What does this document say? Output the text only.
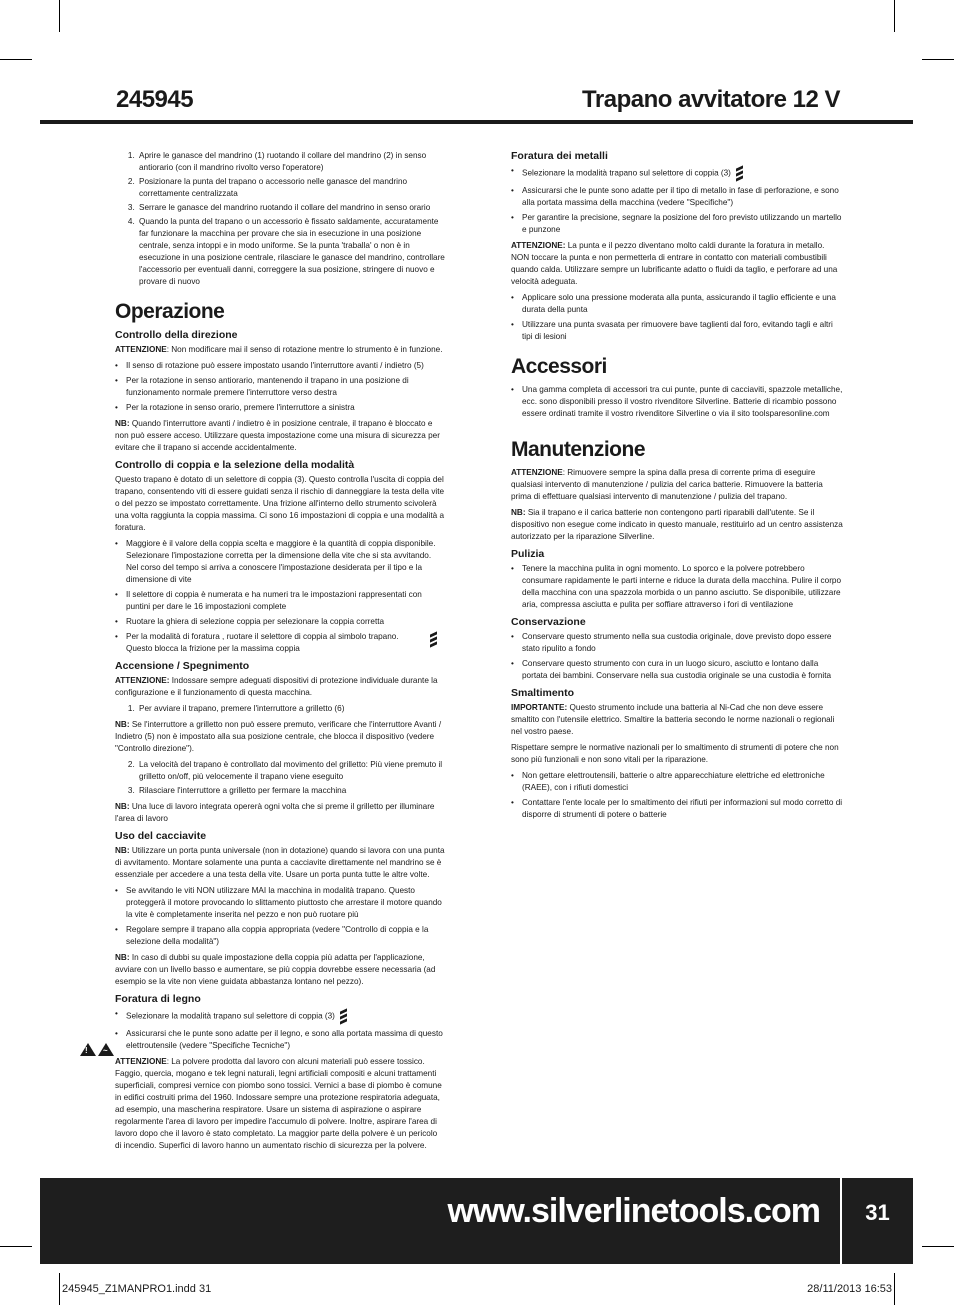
245945	Trapano avvitatore 12 V
1. Aprire le ganasce del mandrino (1) ruotando il collare del mandrino (2) in senso antiorario (con il mandrino rivolto verso l'operatore)
2. Posizionare la punta del trapano o accessorio nelle ganasce del mandrino correttamente centralizzata
3. Serrare le ganasce del mandrino ruotando il collare del mandrino in senso orario
4. Quando la punta del trapano o un accessorio è fissato saldamente, accuratamente far funzionare la macchina per provare che sia in esecuzione in una posizione centrale, senza intoppi e in modo uniforme. Se la punta 'traballa' o non è in esecuzione in una posizione centrale, rilasciare le ganasce del mandrino, controllare l'accessorio per eventuali danni, correggere la sua posizione, stringere di nuovo e provare di nuovo
Operazione
Controllo della direzione

ATTENZIONE: Non modificare mai il senso di rotazione mentre lo strumento è in funzione.

• Il senso di rotazione può essere impostato usando l'interruttore avanti / indietro (5)
• Per la rotazione in senso antiorario, mantenendo il trapano in una posizione di funzionamento normale premere l'interruttore verso destra
• Per la rotazione in senso orario, premere l'interruttore a sinistra

NB: Quando l'interruttore avanti / indietro è in posizione centrale, il trapano è bloccato e non può essere acceso. Utilizzare questa impostazione come una misura di sicurezza per evitare che il trapano si accende accidentalmente.

Controllo di coppia e la selezione della modalità

Questo trapano è dotato di un selettore di coppia (3). Questo controlla l'uscita di coppia del trapano, consentendo viti di essere guidati senza il rischio di danneggiare la testa della vite o del pezzo se impostato correttamente. Una frizione all'interno dello strumento scivolerà una volta raggiunta la coppia massima. Ci sono 16 impostazioni di coppia e una modalità a foratura.

• Maggiore è il valore della coppia scelta e maggiore è la quantità di coppia disponibile. Selezionare l'impostazione corretta per la dimensione della vite che si sta avvitando. Nel corso del tempo si arriva a conoscere l'impostazione desiderata per il tipo e la dimensione di vite
• Il selettore di coppia è numerata e ha numeri tra le impostazioni rappresentati con puntini per dare le 16 impostazioni complete
• Ruotare la ghiera di selezione coppia per selezionare la coppia corretta
• Per la modalità di foratura , ruotare il selettore di coppia al simbolo trapano. Questo blocca la frizione per la massima coppia
Accensione / Spegnimento

ATTENZIONE: Indossare sempre adeguati dispositivi di protezione individuale durante la configurazione e il funzionamento di questa macchina.

1. Per avviare il trapano, premere l'interruttore a grilletto (6)

NB: Se l'interruttore a grilletto non può essere premuto, verificare che l'interruttore Avanti / Indietro (5) non è impostato alla sua posizione centrale, che blocca il dispositivo (vedere "Controllo direzione").

2. La velocità del trapano è controllato dal movimento del grilletto: Più viene premuto il grilletto on/off, più velocemente il trapano viene eseguito
3. Rilasciare l'interruttore a grilletto per fermare la macchina

NB: Una luce di lavoro integrata opererà ogni volta che si preme il grilletto per illuminare l'area di lavoro

Uso del cacciavite

NB: Utilizzare un porta punta universale (non in dotazione) quando si lavora con una punta di avvitamento. Montare solamente una punta a cacciavite direttamente nel mandrino se è essenziale per accedere a una testa della vite. Usare un porta punta tutte le altre volte.

• Se avvitando le viti NON utilizzare MAI la macchina in modalità trapano. Questo proteggerà il motore provocando lo slittamento piuttosto che arrestare il motore quando la vite è completamente inserita nel pezzo e non può ruotare più
• Regolare sempre il trapano alla coppia appropriata (vedere "Controllo di coppia e la selezione della modalità")

NB: In caso di dubbi su quale impostazione della coppia più adatta per l'applicazione, avviare con un livello basso e aumentare, se più coppia dovrebbe essere necessaria (ad esempio se la vite non viene guidata abbastanza lontano nel pezzo).

Foratura di legno
• Selezionare la modalità trapano sul selettore di coppia (3)
• Assicurarsi che le punte sono adatte per il legno, e sono alla portata massima di questo elettroutensile (vedere "Specifiche Tecniche")

ATTENZIONE: La polvere prodotta dal lavoro con alcuni materiali può essere tossico. Faggio, quercia, mogano e tek legni naturali, legni artificiali compositi e alcuni trattamenti superficiali, compresi vernice con piombo sono tossici. Vernici a base di piombo è comune in edifici costruiti prima del 1960. Indossare sempre una protezione respiratoria adeguata, ad esempio, una mascherina respiratore. Usare un sistema di aspirazione o aspirare regolarmente l'area di lavoro per impedire l'accumulo di polvere. Inoltre, aspirare l'area di lavoro dopo che il lavoro è stato completato. La maggior parte della polvere è un pericolo di incendio. Superfici di lavoro hanno un aumentato rischio di sicurezza per la polvere.

! ~
Foratura dei metalli
• Selezionare la modalità trapano sul selettore di coppia (3)
• Assicurarsi che le punte sono adatte per il tipo di metallo in fase di perforazione, e sono alla portata massima della macchina (vedere "Specifiche")
• Per garantire la precisione, segnare la posizione del foro previsto utilizzando un martello e punzone

ATTENZIONE: La punta e il pezzo diventano molto caldi durante la foratura in metallo. NON toccare la punta e non permetterla di entrare in contatto con materiali combustibili quando calda. Utilizzare sempre un lubrificante adatto o fluidi da taglio, e perforare ad una velocità adeguata.

• Applicare solo una pressione moderata alla punta, assicurando il taglio efficiente e una durata della punta
• Utilizzare una punta svasata per rimuovere bave taglienti dal foro, evitando tagli e altri tipi di lesioni
Accessori
• Una gamma completa di accessori tra cui punte, punte di cacciaviti, spazzole metalliche, ecc. sono disponibili presso il vostro rivenditore Silverline. Batterie di ricambio possono essere ordinati tramite il vostro rivenditore Silverline o via il sito toolsparesonline.com
Manutenzione

ATTENZIONE: Rimuovere sempre la spina dalla presa di corrente prima di eseguire qualsiasi intervento di manutenzione / pulizia del carica batterie. Rimuovere la batteria prima di effettuare qualsiasi intervento di manutenzione / pulizia del trapano.

NB: Sia il trapano e il carica batterie non contengono parti riparabili dall'utente. Se il dispositivo non esegue come indicato in questo manuale, restituirlo ad un centro assistenza autorizzato per la riparazione Silverline.

Pulizia
• Tenere la macchina pulita in ogni momento. Lo sporco e la polvere potrebbero consumare rapidamente le parti interne e riduce la durata della macchina. Pulire il corpo della macchina con una spazzola morbida o un panno asciutto. Se disponibile, utilizzare aria, compressa asciutta e pulita per soffiare attraverso i fori di ventilazione
Conservazione
• Conservare questo strumento nella sua custodia originale, dove previsto dopo essere stato ripulito a fondo
• Conservare questo strumento con cura in un luogo sicuro, asciutto e lontano dalla portata dei bambini. Conservare nella sua custodia originale se una custodia è fornita
Smaltimento

IMPORTANTE: Questo strumento include una batteria al Ni-Cad che non deve essere smaltito con l'utensile elettrico. Smaltire la batteria secondo le norme nazionali o regionali nel vostro paese.

Rispettare sempre le normative nazionali per lo smaltimento di strumenti di potere che non sono più funzionali e non sono vitali per la riparazione.

• Non gettare elettroutensili, batterie o altre apparecchiature elettriche ed elettroniche (RAEE), con i rifiuti domestici
• Contattare l'ente locale per lo smaltimento dei rifiuti per informazioni sul modo corretto di disporre di strumenti di potere o batterie
www.silverlinetools.com	31
245945_Z1MANPRO1.indd 31	28/11/2013 16:53
